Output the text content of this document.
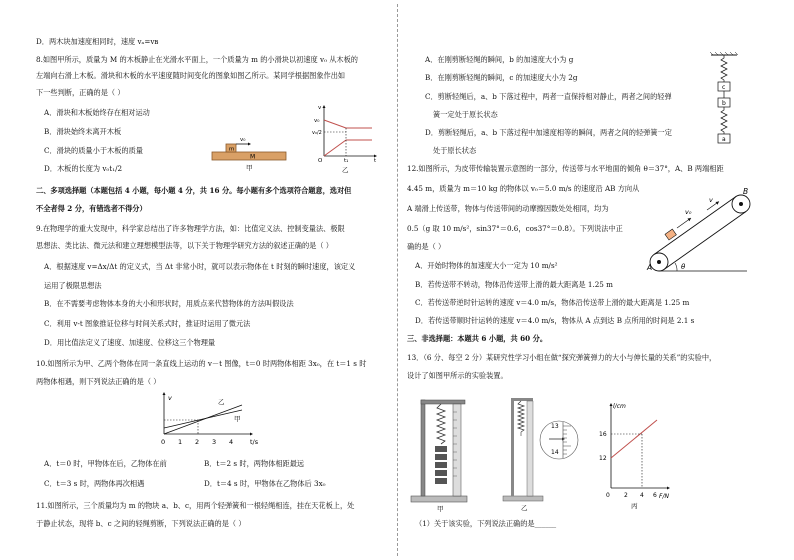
D．两木块加速度相同时，速度 vₐ=vʙ
8.如图甲所示，质量为 M 的木板静止在光滑水平面上，一个质量为 m 的小滑块以初速度 v₀ 从木板的
左端向右滑上木板。滑块和木板的水平速度随时间变化的图象如图乙所示。某同学根据图象作出如
下一些判断，正确的是（ ）
A．滑块和木板始终存在相对运动
B．滑块始终未离开木板
C．滑块的质量小于木板的质量
D．木板的长度为 v₀t₁/2
v₀
m
M
甲
v
t
O
v₀
v₀/2
t₁
乙
二、多项选择题（本题包括 4 小题，每小题 4 分，共 16 分。每小题有多个选项符合题意，选对但
不全者得 2 分，有错选者不得分）
9.在物理学的重大发现中，科学家总结出了许多物理学方法，如：比值定义法、控制变量法、极限
思想法、类比法、微元法和建立理想模型法等，以下关于物理学研究方法的叙述正确的是（ ）
A．根据速度 v=Δx/Δt 的定义式，当 Δt 非常小时，就可以表示物体在 t 时刻的瞬时速度，该定义
运用了极限思想法
B．在不需要考虑物体本身的大小和形状时，用质点来代替物体的方法叫假设法
C．利用 v-t 图象推证位移与时间关系式时，推证时运用了微元法
D．用比值法定义了速度、加速度、位移这三个物理量
10.如图所示为甲、乙两个物体在同一条直线上运动的 v－t 图像，t＝0 时两物体相距 3x₀，在 t＝1 s 时
两物体相遇，则下列说法正确的是（ ）
v
t/s
乙
甲
0 1 2 3 4
A．t＝0 时，甲物体在后，乙物体在前	B．t＝2 s 时，两物体相距最远
C．t＝3 s 时，两物体再次相遇	D．t＝4 s 时，甲物体在乙物体后 3x₀
11.如图所示，三个质量均为 m 的物块 a、b、c，用两个轻弹簧和一根轻绳相连，挂在天花板上，处
于静止状态，现将 b、c 之间的轻绳剪断，下列说法正确的是（ ）
A．在刚剪断轻绳的瞬间，b 的加速度大小为 g
B．在刚剪断轻绳的瞬间，c 的加速度大小为 2g
C．剪断轻绳后，a、b 下落过程中，两者一直保持相对静止，两者之间的轻弹
簧一定处于原长状态
D．剪断轻绳后，a、b 下落过程中加速度相等的瞬间，两者之间的轻弹簧一定
处于原长状态
c
b
a
12.如图所示，为皮带传输装置示意图的一部分，传送带与水平地面的倾角 θ＝37°，A、B 两端相距
4.45 m，质量为 m＝10 kg 的物体以 v₀＝5.0 m/s 的速度沿 AB 方向从
A 端滑上传送带，物体与传送带间的动摩擦因数处处相同，均为
0.5（g 取 10 m/s²，sin37°＝0.6，cos37°＝0.8）。下列说法中正
确的是（ ）
θ
v₀
v
B
A
A．开始时物体的加速度大小一定为 10 m/s²
B．若传送带不转动，物体沿传送带上滑的最大距离是 1.25 m
C．若传送带逆时针运转的速度 v＝4.0 m/s，物体沿传送带上滑的最大距离是 1.25 m
D．若传送带顺时针运转的速度 v＝4.0 m/s，物体从 A 点到达 B 点所用的时间是 2.1 s
三、非选择题：本题共 6 小题，共 60 分。
13．（6 分、每空 2 分）某研究性学习小组在做“探究弹簧弹力的大小与伸长量的关系”的实验中，
设计了如图甲所示的实验装置。
甲
13
14
乙
l/cm
F/N
16
12
0 2 4 6
丙
（1）关于该实验，下列说法正确的是______
